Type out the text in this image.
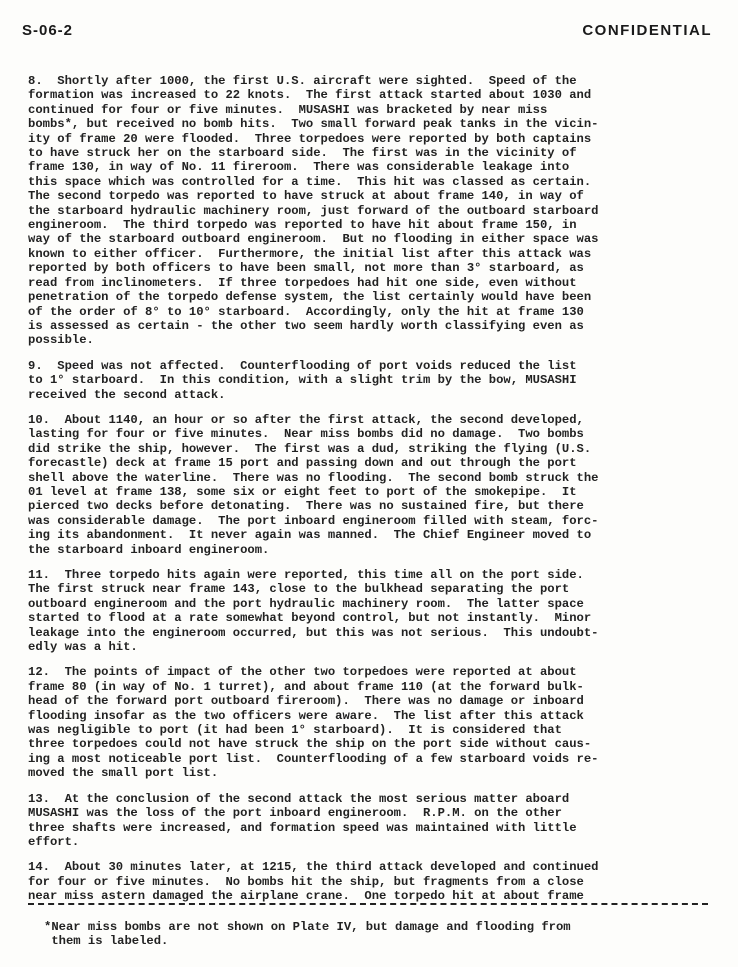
S-06-2	CONFIDENTIAL

8.  Shortly after 1000, the first U.S. aircraft were sighted.  Speed of the
formation was increased to 22 knots.  The first attack started about 1030 and
continued for four or five minutes.  MUSASHI was bracketed by near miss
bombs*, but received no bomb hits.  Two small forward peak tanks in the vicin-
ity of frame 20 were flooded.  Three torpedoes were reported by both captains
to have struck her on the starboard side.  The first was in the vicinity of
frame 130, in way of No. 11 fireroom.  There was considerable leakage into
this space which was controlled for a time.  This hit was classed as certain.
The second torpedo was reported to have struck at about frame 140, in way of
the starboard hydraulic machinery room, just forward of the outboard starboard
engineroom.  The third torpedo was reported to have hit about frame 150, in
way of the starboard outboard engineroom.  But no flooding in either space was
known to either officer.  Furthermore, the initial list after this attack was
reported by both officers to have been small, not more than 3° starboard, as
read from inclinometers.  If three torpedoes had hit one side, even without
penetration of the torpedo defense system, the list certainly would have been
of the order of 8° to 10° starboard.  Accordingly, only the hit at frame 130
is assessed as certain - the other two seem hardly worth classifying even as
possible.

9.  Speed was not affected.  Counterflooding of port voids reduced the list
to 1° starboard.  In this condition, with a slight trim by the bow, MUSASHI
received the second attack.

10.  About 1140, an hour or so after the first attack, the second developed,
lasting for four or five minutes.  Near miss bombs did no damage.  Two bombs
did strike the ship, however.  The first was a dud, striking the flying (U.S.
forecastle) deck at frame 15 port and passing down and out through the port
shell above the waterline.  There was no flooding.  The second bomb struck the
01 level at frame 138, some six or eight feet to port of the smokepipe.  It
pierced two decks before detonating.  There was no sustained fire, but there
was considerable damage.  The port inboard engineroom filled with steam, forc-
ing its abandonment.  It never again was manned.  The Chief Engineer moved to
the starboard inboard engineroom.

11.  Three torpedo hits again were reported, this time all on the port side.
The first struck near frame 143, close to the bulkhead separating the port
outboard engineroom and the port hydraulic machinery room.  The latter space
started to flood at a rate somewhat beyond control, but not instantly.  Minor
leakage into the engineroom occurred, but this was not serious.  This undoubt-
edly was a hit.

12.  The points of impact of the other two torpedoes were reported at about
frame 80 (in way of No. 1 turret), and about frame 110 (at the forward bulk-
head of the forward port outboard fireroom).  There was no damage or inboard
flooding insofar as the two officers were aware.  The list after this attack
was negligible to port (it had been 1° starboard).  It is considered that
three torpedoes could not have struck the ship on the port side without caus-
ing a most noticeable port list.  Counterflooding of a few starboard voids re-
moved the small port list.

13.  At the conclusion of the second attack the most serious matter aboard
MUSASHI was the loss of the port inboard engineroom.  R.P.M. on the other
three shafts were increased, and formation speed was maintained with little
effort.

14.  About 30 minutes later, at 1215, the third attack developed and continued
for four or five minutes.  No bombs hit the ship, but fragments from a close
near miss astern damaged the airplane crane.  One torpedo hit at about frame

*Near miss bombs are not shown on Plate IV, but damage and flooding from
them is labeled.
